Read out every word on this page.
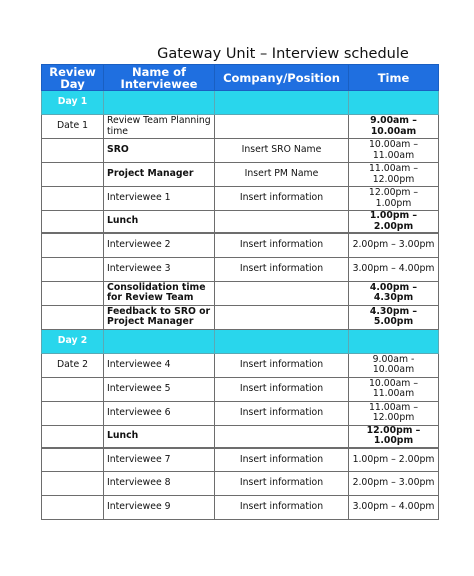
Gateway Unit – Interview schedule
Review Day	Name of Interviewee	Company/Position	Time
Day 1			
Date 1	Review Team Planning time		9.00am – 10.00am
	SRO	Insert SRO Name	10.00am – 11.00am
	Project Manager	Insert PM Name	11.00am – 12.00pm
	Interviewee 1	Insert information	12.00pm – 1.00pm
	Lunch		1.00pm – 2.00pm
	Interviewee 2	Insert information	2.00pm – 3.00pm
	Interviewee 3	Insert information	3.00pm – 4.00pm
	Consolidation time for Review Team		4.00pm – 4.30pm
	Feedback to SRO or Project Manager		4.30pm – 5.00pm
Day 2			
Date 2	Interviewee 4	Insert information	9.00am - 10.00am
	Interviewee 5	Insert information	10.00am – 11.00am
	Interviewee 6	Insert information	11.00am – 12.00pm
	Lunch		12.00pm – 1.00pm
	Interviewee 7	Insert information	1.00pm – 2.00pm
	Interviewee 8	Insert information	2.00pm – 3.00pm
	Interviewee 9	Insert information	3.00pm – 4.00pm
